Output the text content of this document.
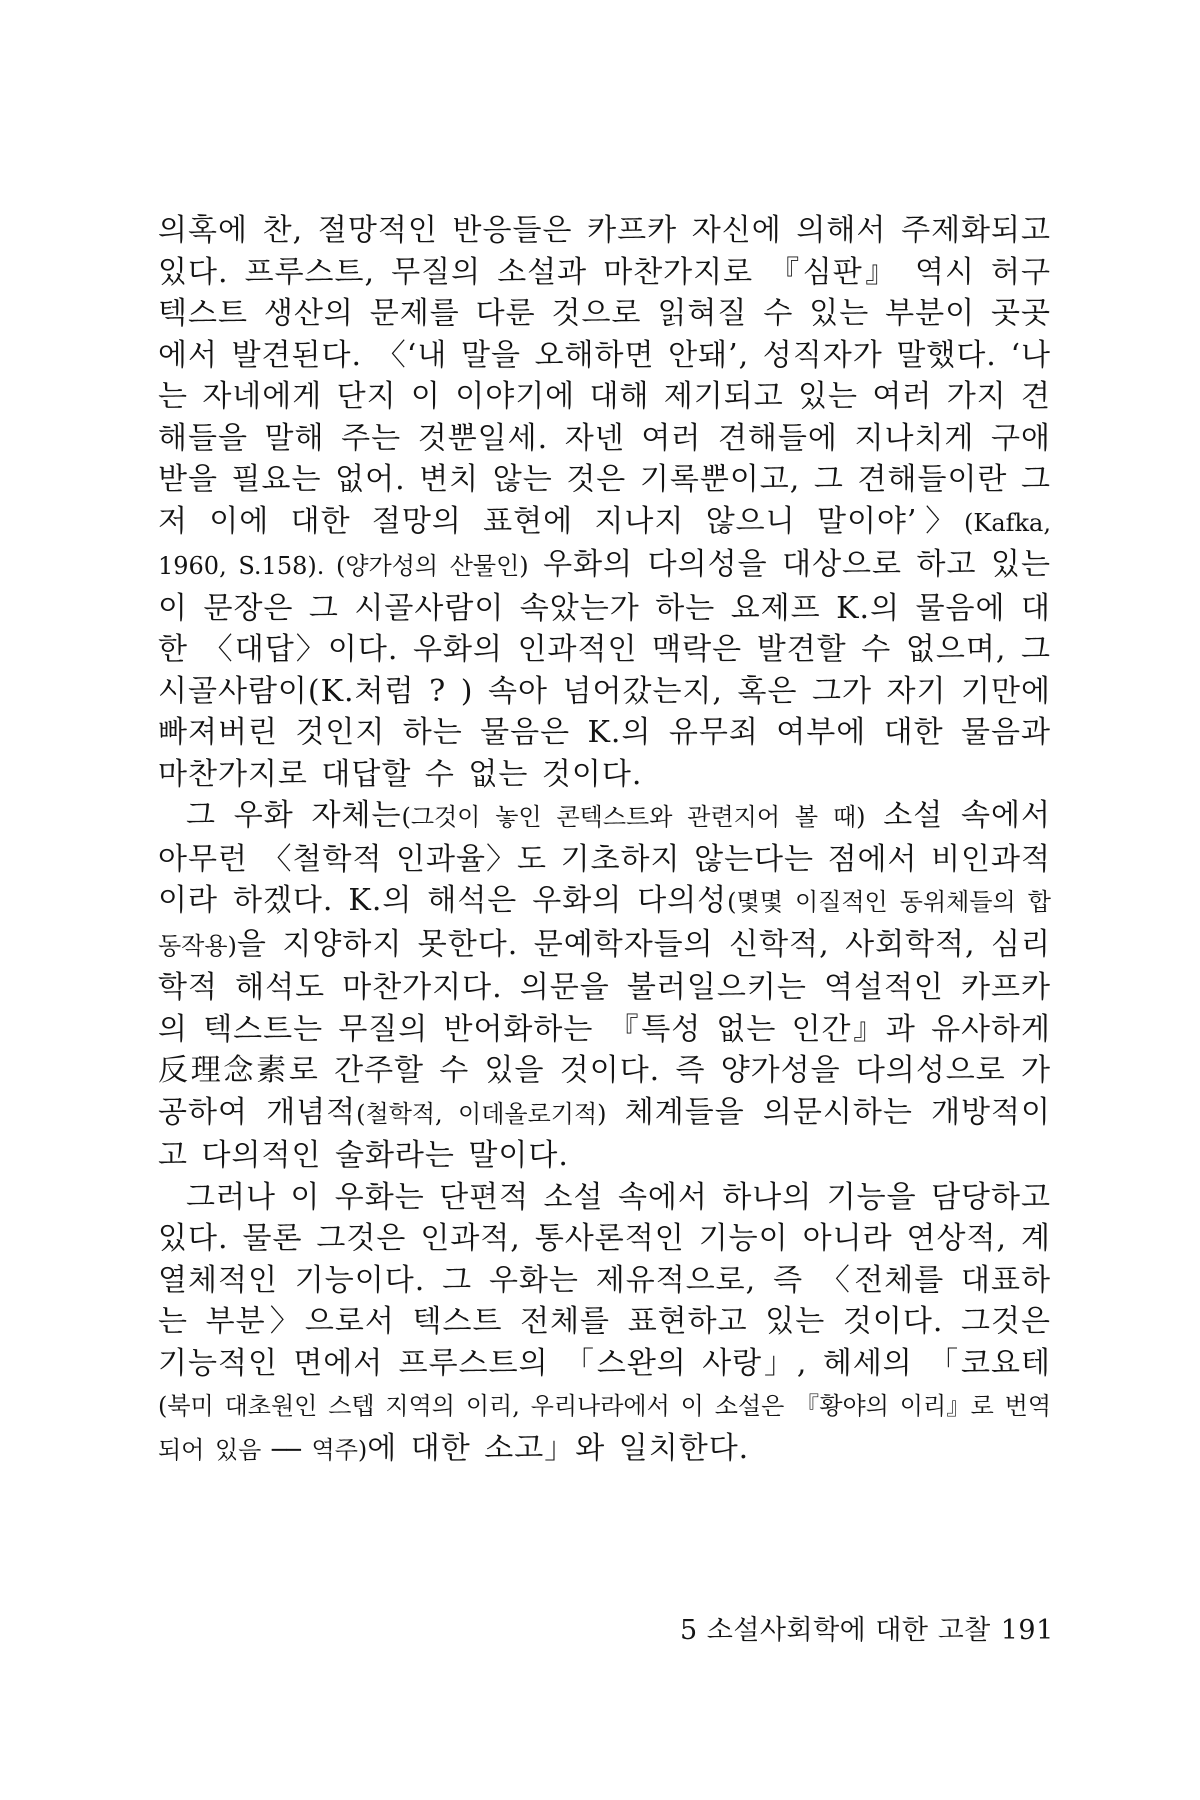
의혹에 찬, 절망적인 반응들은 카프카 자신에 의해서 주제화되고 있다. 프루스트, 무질의 소설과 마찬가지로 『심판』 역시 허구텍스트 생산의 문제를 다룬 것으로 읽혀질 수 있는 부분이 곳곳에서 발견된다. 〈‘내 말을 오해하면 안돼’, 성직자가 말했다. ‘나는 자네에게 단지 이 이야기에 대해 제기되고 있는 여러 가지 견해들을 말해 주는 것뿐일세. 자넨 여러 견해들에 지나치게 구애받을 필요는 없어. 변치 않는 것은 기록뿐이고, 그 견해들이란 그저 이에 대한 절망의 표현에 지나지 않으니 말이야’〉(Kafka, 1960, S.158). (양가성의 산물인) 우화의 다의성을 대상으로 하고 있는 이 문장은 그 시골사람이 속았는가 하는 요제프 K.의 물음에 대한 〈대답〉이다. 우화의 인과적인 맥락은 발견할 수 없으며, 그 시골사람이(K.처럼 ? ) 속아 넘어갔는지, 혹은 그가 자기 기만에 빠져버린 것인지 하는 물음은 K.의 유무죄 여부에 대한 물음과 마찬가지로 대답할 수 없는 것이다.

그 우화 자체는(그것이 놓인 콘텍스트와 관련지어 볼 때) 소설 속에서 아무런 〈철학적 인과율〉도 기초하지 않는다는 점에서 비인과적이라 하겠다. K.의 해석은 우화의 다의성(몇몇 이질적인 동위체들의 합동작용)을 지양하지 못한다. 문예학자들의 신학적, 사회학적, 심리학적 해석도 마찬가지다. 의문을 불러일으키는 역설적인 카프카의 텍스트는 무질의 반어화하는 『특성 없는 인간』과 유사하게 反理念素로 간주할 수 있을 것이다. 즉 양가성을 다의성으로 가공하여 개념적(철학적, 이데올로기적) 체계들을 의문시하는 개방적이고 다의적인 술화라는 말이다.

그러나 이 우화는 단편적 소설 속에서 하나의 기능을 담당하고 있다. 물론 그것은 인과적, 통사론적인 기능이 아니라 연상적, 계열체적인 기능이다. 그 우화는 제유적으로, 즉 〈전체를 대표하는 부분〉으로서 텍스트 전체를 표현하고 있는 것이다. 그것은 기능적인 면에서 프루스트의 「스완의 사랑」, 헤세의 「코요테(북미 대초원인 스텝 지역의 이리, 우리나라에서 이 소설은 『황야의 이리』로 번역되어 있음 ── 역주)에 대한 소고」와 일치한다.

5 소설사회학에 대한 고찰 191
